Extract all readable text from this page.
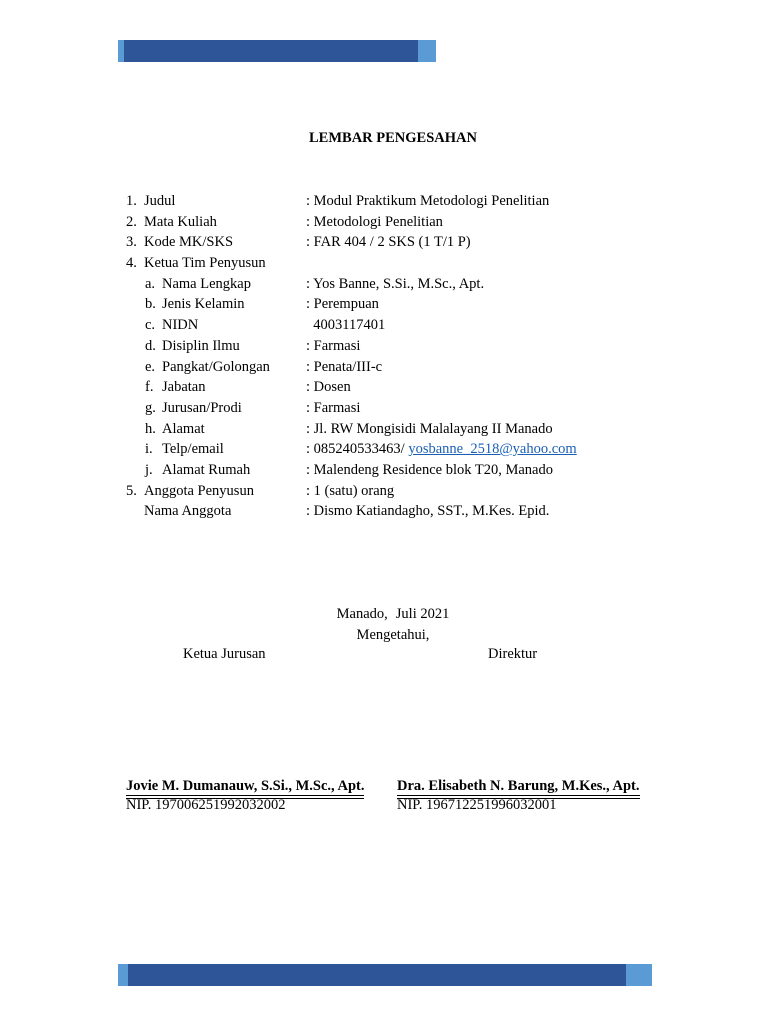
LEMBAR PENGESAHAN
1. Judul	: Modul Praktikum Metodologi Penelitian
2. Mata Kuliah	: Metodologi Penelitian
3. Kode MK/SKS	: FAR 404 / 2 SKS (1 T/1 P)
4. Ketua Tim Penyusun
a. Nama Lengkap	: Yos Banne, S.Si., M.Sc., Apt.
b. Jenis Kelamin	: Perempuan
c. NIDN	4003117401
d. Disiplin Ilmu	: Farmasi
e. Pangkat/Golongan : Penata/III-c
f. Jabatan	: Dosen
g. Jurusan/Prodi	: Farmasi
h. Alamat	: Jl. RW Mongisidi Malalayang II Manado
i. Telp/email	: 085240533463/ yosbanne_2518@yahoo.com
j. Alamat Rumah	: Malendeng Residence blok T20, Manado
5. Anggota Penyusun	: 1 (satu) orang
Nama Anggota	: Dismo Katiandagho, SST., M.Kes. Epid.
Manado, Juli 2021
Mengetahui,
Ketua Jurusan	Direktur
Jovie M. Dumanauw, S.Si., M.Sc., Apt.
NIP. 197006251992032002
Dra. Elisabeth N. Barung, M.Kes., Apt.
NIP. 196712251996032001
